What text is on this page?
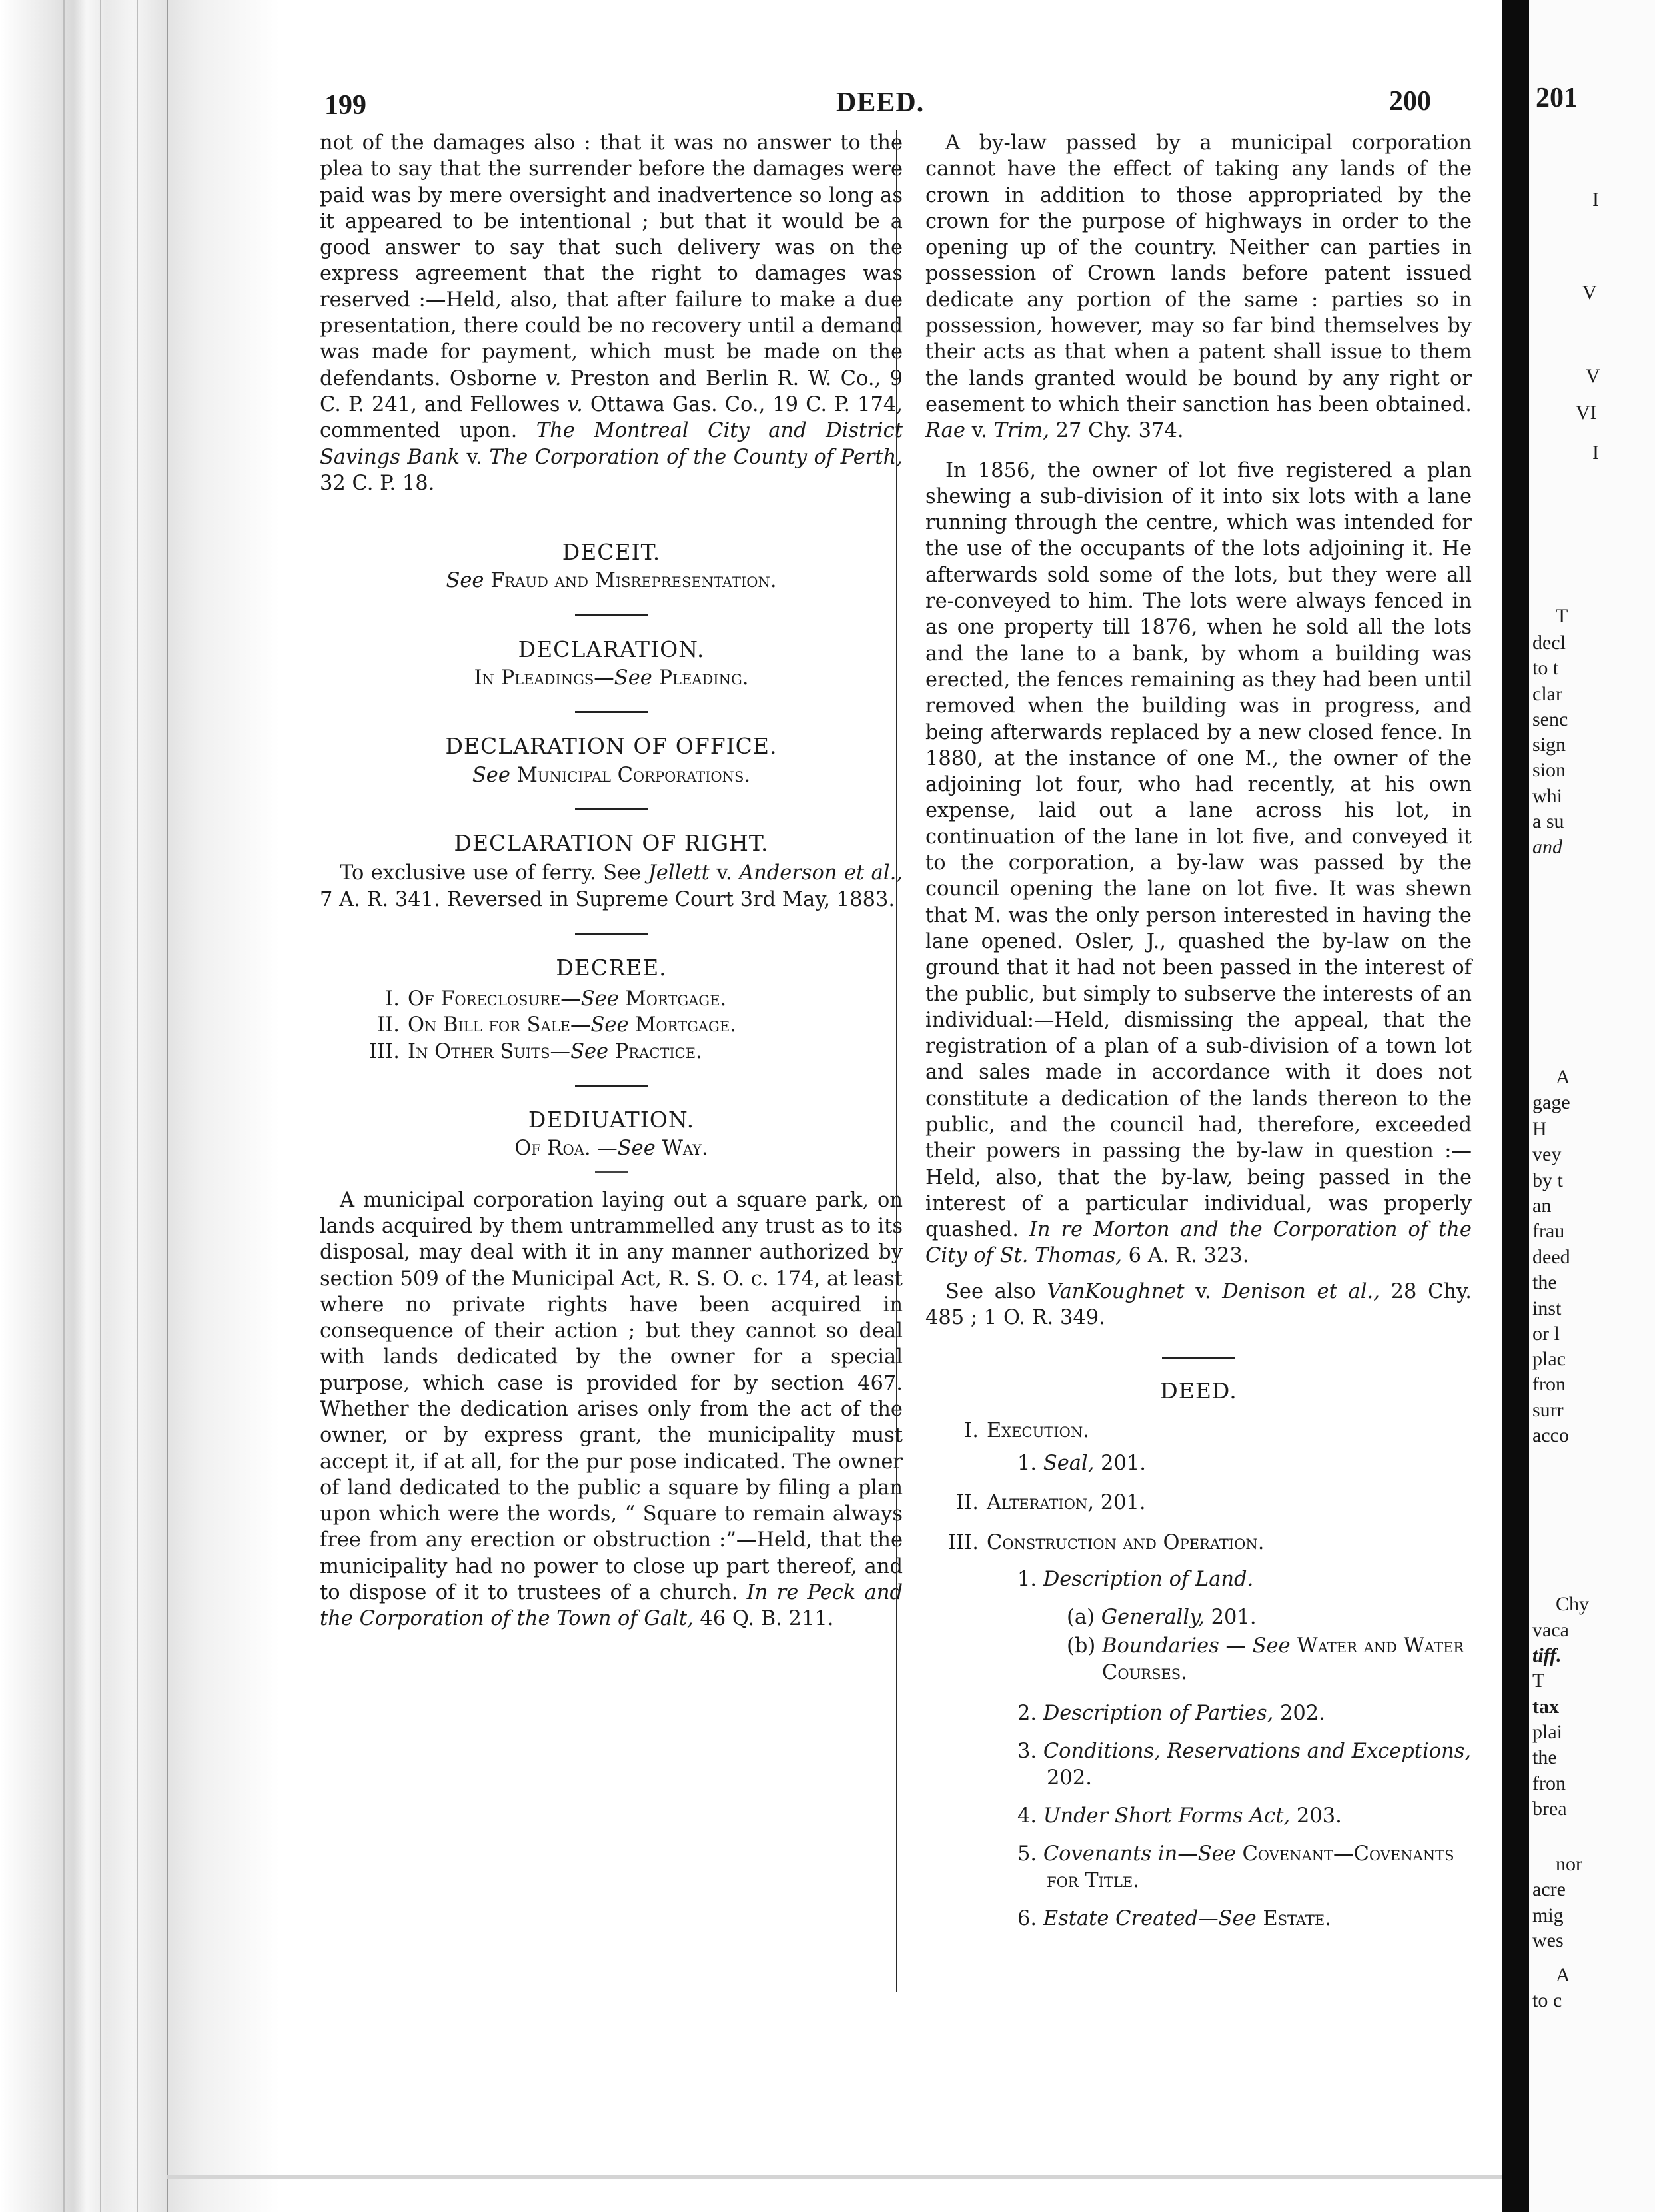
201
I
V
V
VI
I
T
decl
to t
clar
senc
sign
sion
whi
a su
and
A
gage
H
vey
by t
an
frau
deed
the
inst
or l
plac
fron
surr
acco
Chy
vaca
tiff.
T
tax
plai
the
fron
brea
nor
acre
mig
wes
A
to c
199	DEED.	200

not of the damages also : that it was no answer to the plea to say that the surrender before the damages were paid was by mere oversight and inadvertence so long as it appeared to be intentional ; but that it would be a good answer to say that such delivery was on the express agreement that the right to damages was reserved :—Held, also, that after failure to make a due presentation, there could be no recovery until a demand was made for payment, which must be made on the defendants. Osborne v. Preston and Berlin R. W. Co., 9 C. P. 241, and Fellowes v. Ottawa Gas. Co., 19 C. P. 174, commented upon. The Montreal City and District Savings Bank v. The Corporation of the County of Perth, 32 C. P. 18.

DECEIT.
See Fraud and Misrepresentation.
DECLARATION.
In Pleadings—See Pleading.
DECLARATION OF OFFICE.
See Municipal Corporations.
DECLARATION OF RIGHT.

To exclusive use of ferry. See Jellett v. Anderson et al., 7 A. R. 341. Reversed in Supreme Court 3rd May, 1883.

DECREE.
I. Of Foreclosure—See Mortgage.
II. On Bill for Sale—See Mortgage.
III. In Other Suits—See Practice.
DEDIUATION.
Of Roa. —See Way.

A municipal corporation laying out a square park, on lands acquired by them untrammelled any trust as to its disposal, may deal with it in any manner authorized by section 509 of the Municipal Act, R. S. O. c. 174, at least where no private rights have been acquired in consequence of their action ; but they cannot so deal with lands dedicated by the owner for a special purpose, which case is provided for by section 467. Whether the dedication arises only from the act of the owner, or by express grant, the municipality must accept it, if at all, for the pur pose indicated. The owner of land dedicated to the public a square by filing a plan upon which were the words, “ Square to remain always free from any erection or obstruction :”—Held, that the municipality had no power to close up part thereof, and to dispose of it to trustees of a church. In re Peck and the Corporation of the Town of Galt, 46 Q. B. 211.

A by-law passed by a municipal corporation cannot have the effect of taking any lands of the crown in addition to those appropriated by the crown for the purpose of highways in order to the opening up of the country. Neither can parties in possession of Crown lands before patent issued dedicate any portion of the same : parties so in possession, however, may so far bind themselves by their acts as that when a patent shall issue to them the lands granted would be bound by any right or easement to which their sanction has been obtained. Rae v. Trim, 27 Chy. 374.

In 1856, the owner of lot five registered a plan shewing a sub-division of it into six lots with a lane running through the centre, which was intended for the use of the occupants of the lots adjoining it. He afterwards sold some of the lots, but they were all re-conveyed to him. The lots were always fenced in as one property till 1876, when he sold all the lots and the lane to a bank, by whom a building was erected, the fences remaining as they had been until removed when the building was in progress, and being afterwards replaced by a new closed fence. In 1880, at the instance of one M., the owner of the adjoining lot four, who had recently, at his own expense, laid out a lane across his lot, in continuation of the lane in lot five, and conveyed it to the corporation, a by-law was passed by the council opening the lane on lot five. It was shewn that M. was the only person interested in having the lane opened. Osler, J., quashed the by-law on the ground that it had not been passed in the interest of the public, but simply to subserve the interests of an individual:—Held, dismissing the appeal, that the registration of a plan of a sub-division of a town lot and sales made in accordance with it does not constitute a dedication of the lands thereon to the public, and the council had, therefore, exceeded their powers in passing the by-law in question :—Held, also, that the by-law, being passed in the interest of a particular individual, was properly quashed. In re Morton and the Corporation of the City of St. Thomas, 6 A. R. 323.

See also VanKoughnet v. Denison et al., 28 Chy. 485 ; 1 O. R. 349.

DEED.
I. Execution.
1. Seal, 201.
II. Alteration, 201.
III. Construction and Operation.
1. Description of Land.
(a) Generally, 201.
(b) Boundaries — See Water and Water Courses.
2. Description of Parties, 202.
3. Conditions, Reservations and Exceptions, 202.
4. Under Short Forms Act, 203.
5. Covenants in—See Covenant—Covenants for Title.
6. Estate Created—See Estate.
